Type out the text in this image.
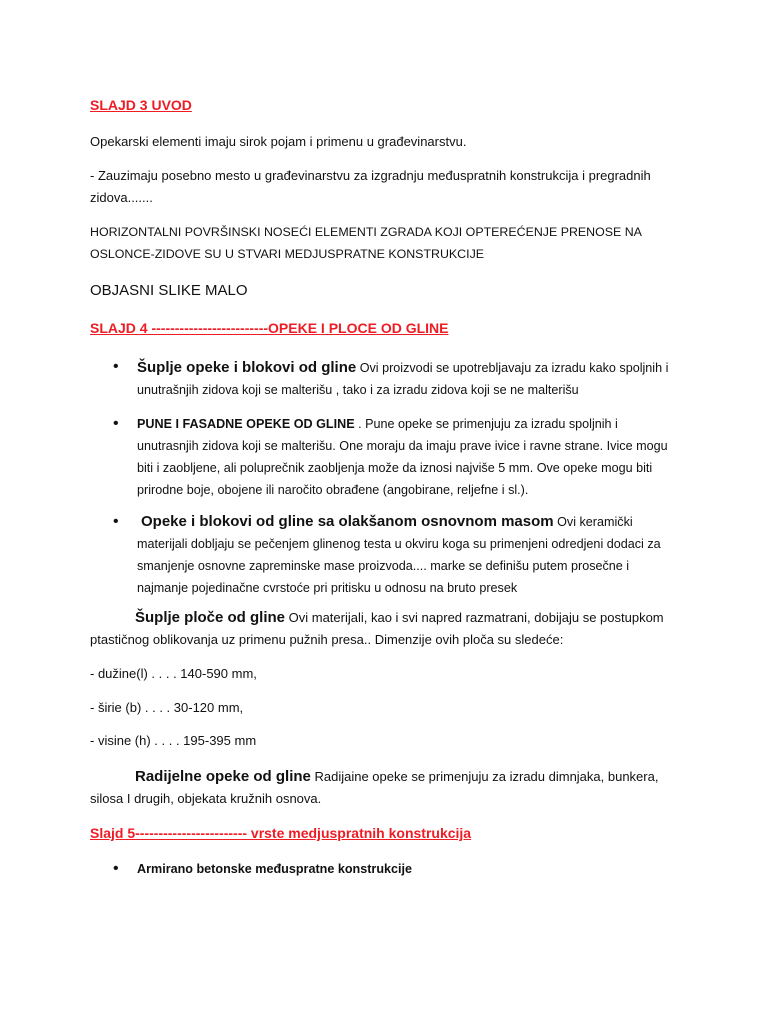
SLAJD 3 UVOD
Opekarski elementi imaju sirok pojam i primenu u građevinarstvu.
- Zauzimaju posebno mesto u građevinarstvu za izgradnju međuspratnih konstrukcija i pregradnih zidova.......
HORIZONTALNI POVRŠINSKI NOSEĆI ELEMENTI ZGRADA KOJI OPTEREĆENJE PRENOSE NA OSLONCE-ZIDOVE SU U STVARI MEDJUSPRATNE KONSTRUKCIJE
OBJASNI SLIKE MALO
SLAJD 4 -------------------------OPEKE I PLOCE OD GLINE
• Šuplje opeke i blokovi od gline Ovi proizvodi se upotrebljavaju za izradu kako spoljnih i unutrašnjih zidova koji se malterišu , tako i za izradu zidova koji se ne malterišu
• PUNE I FASADNE OPEKE OD GLINE . Pune opeke se primenjuju za izradu spoljnih i unutrasnjih zidova koji se malterišu. One moraju da imaju prave ivice i ravne strane. Ivice mogu biti i zaobljene, ali poluprečnik zaobljenja može da iznosi najviše 5 mm. Ove opeke mogu biti prirodne boje, obojene ili naročito obrađene (angobirane, reljefne i sl.).
• Opeke i blokovi od gline sa olakšanom osnovnom masom Ovi keramički materijali dobljaju se pečenjem glinenog testa u okviru koga su primenjeni odredjeni dodaci za smanjenje osnovne zapreminske mase proizvoda.... marke se definišu putem prosečne i najmanje pojedinačne cvrstoće pri pritisku u odnosu na bruto presek
Šuplje ploče od gline Ovi materijali, kao i svi napred razmatrani, dobijaju se postupkom ptastičnog oblikovanja uz primenu pužnih presa.. Dimenzije ovih ploča su sledeće:
- dužine(l) . . . . 140-590 mm,
- širie (b) . . . . 30-120 mm,
- visine (h) . . . . 195-395 mm
Radijelne opeke od gline Radijaine opeke se primenjuju za izradu dimnjaka, bunkera, silosa I drugih, objekata kružnih osnova.
Slajd 5------------------------ vrste medjuspratnih konstrukcija
• Armirano betonske međuspratne konstrukcije
